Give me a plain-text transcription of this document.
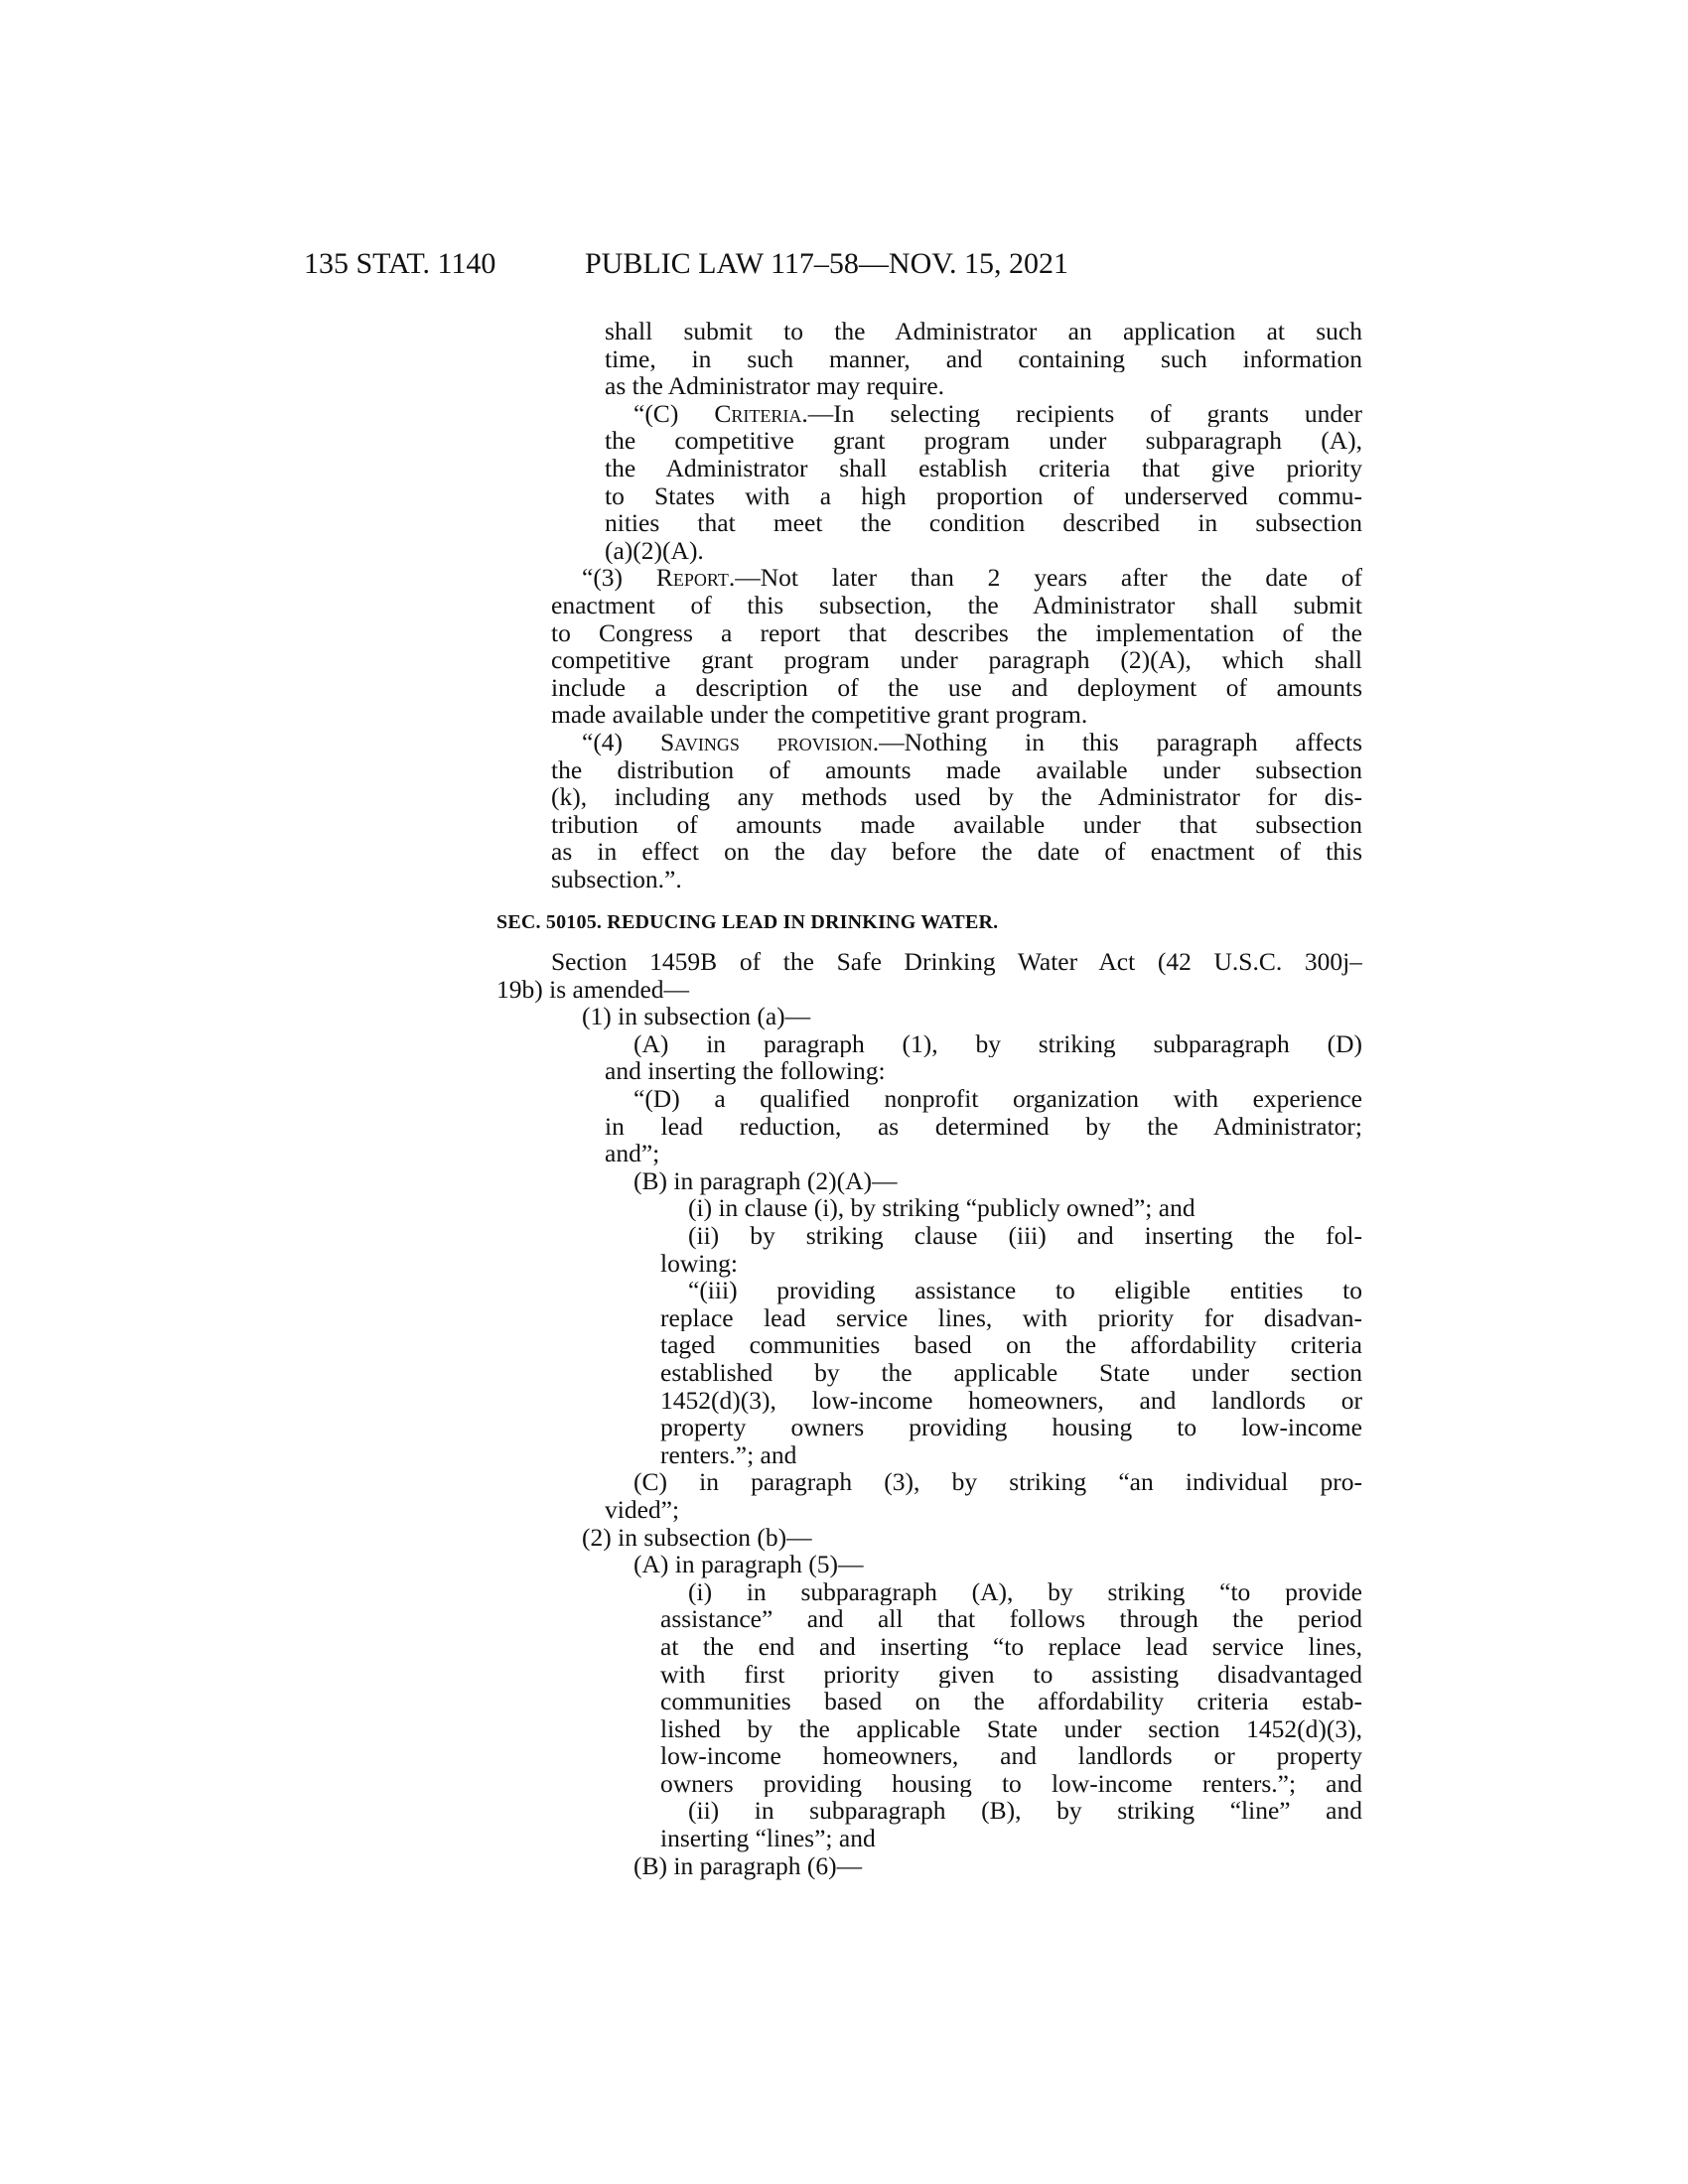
135 STAT. 1140	PUBLIC LAW 117–58—NOV. 15, 2021
shall submit to the Administrator an application at such
time, in such manner, and containing such information
as the Administrator may require.
“(C) Criteria.—In selecting recipients of grants under
the competitive grant program under subparagraph (A),
the Administrator shall establish criteria that give priority
to States with a high proportion of underserved commu-
nities that meet the condition described in subsection
(a)(2)(A).
“(3) Report.—Not later than 2 years after the date of
enactment of this subsection, the Administrator shall submit
to Congress a report that describes the implementation of the
competitive grant program under paragraph (2)(A), which shall
include a description of the use and deployment of amounts
made available under the competitive grant program.
“(4) Savings provision.—Nothing in this paragraph affects
the distribution of amounts made available under subsection
(k), including any methods used by the Administrator for dis-
tribution of amounts made available under that subsection
as in effect on the day before the date of enactment of this
subsection.”.
SEC. 50105. REDUCING LEAD IN DRINKING WATER.
Section 1459B of the Safe Drinking Water Act (42 U.S.C. 300j–
19b) is amended—
(1) in subsection (a)—
(A) in paragraph (1), by striking subparagraph (D)
and inserting the following:
“(D) a qualified nonprofit organization with experience
in lead reduction, as determined by the Administrator;
and”;
(B) in paragraph (2)(A)—
(i) in clause (i), by striking “publicly owned”; and
(ii) by striking clause (iii) and inserting the fol-
lowing:
“(iii) providing assistance to eligible entities to
replace lead service lines, with priority for disadvan-
taged communities based on the affordability criteria
established by the applicable State under section
1452(d)(3), low-income homeowners, and landlords or
property owners providing housing to low-income
renters.”; and
(C) in paragraph (3), by striking “an individual pro-
vided”;
(2) in subsection (b)—
(A) in paragraph (5)—
(i) in subparagraph (A), by striking “to provide
assistance” and all that follows through the period
at the end and inserting “to replace lead service lines,
with first priority given to assisting disadvantaged
communities based on the affordability criteria estab-
lished by the applicable State under section 1452(d)(3),
low-income homeowners, and landlords or property
owners providing housing to low-income renters.”; and
(ii) in subparagraph (B), by striking “line” and
inserting “lines”; and
(B) in paragraph (6)—
